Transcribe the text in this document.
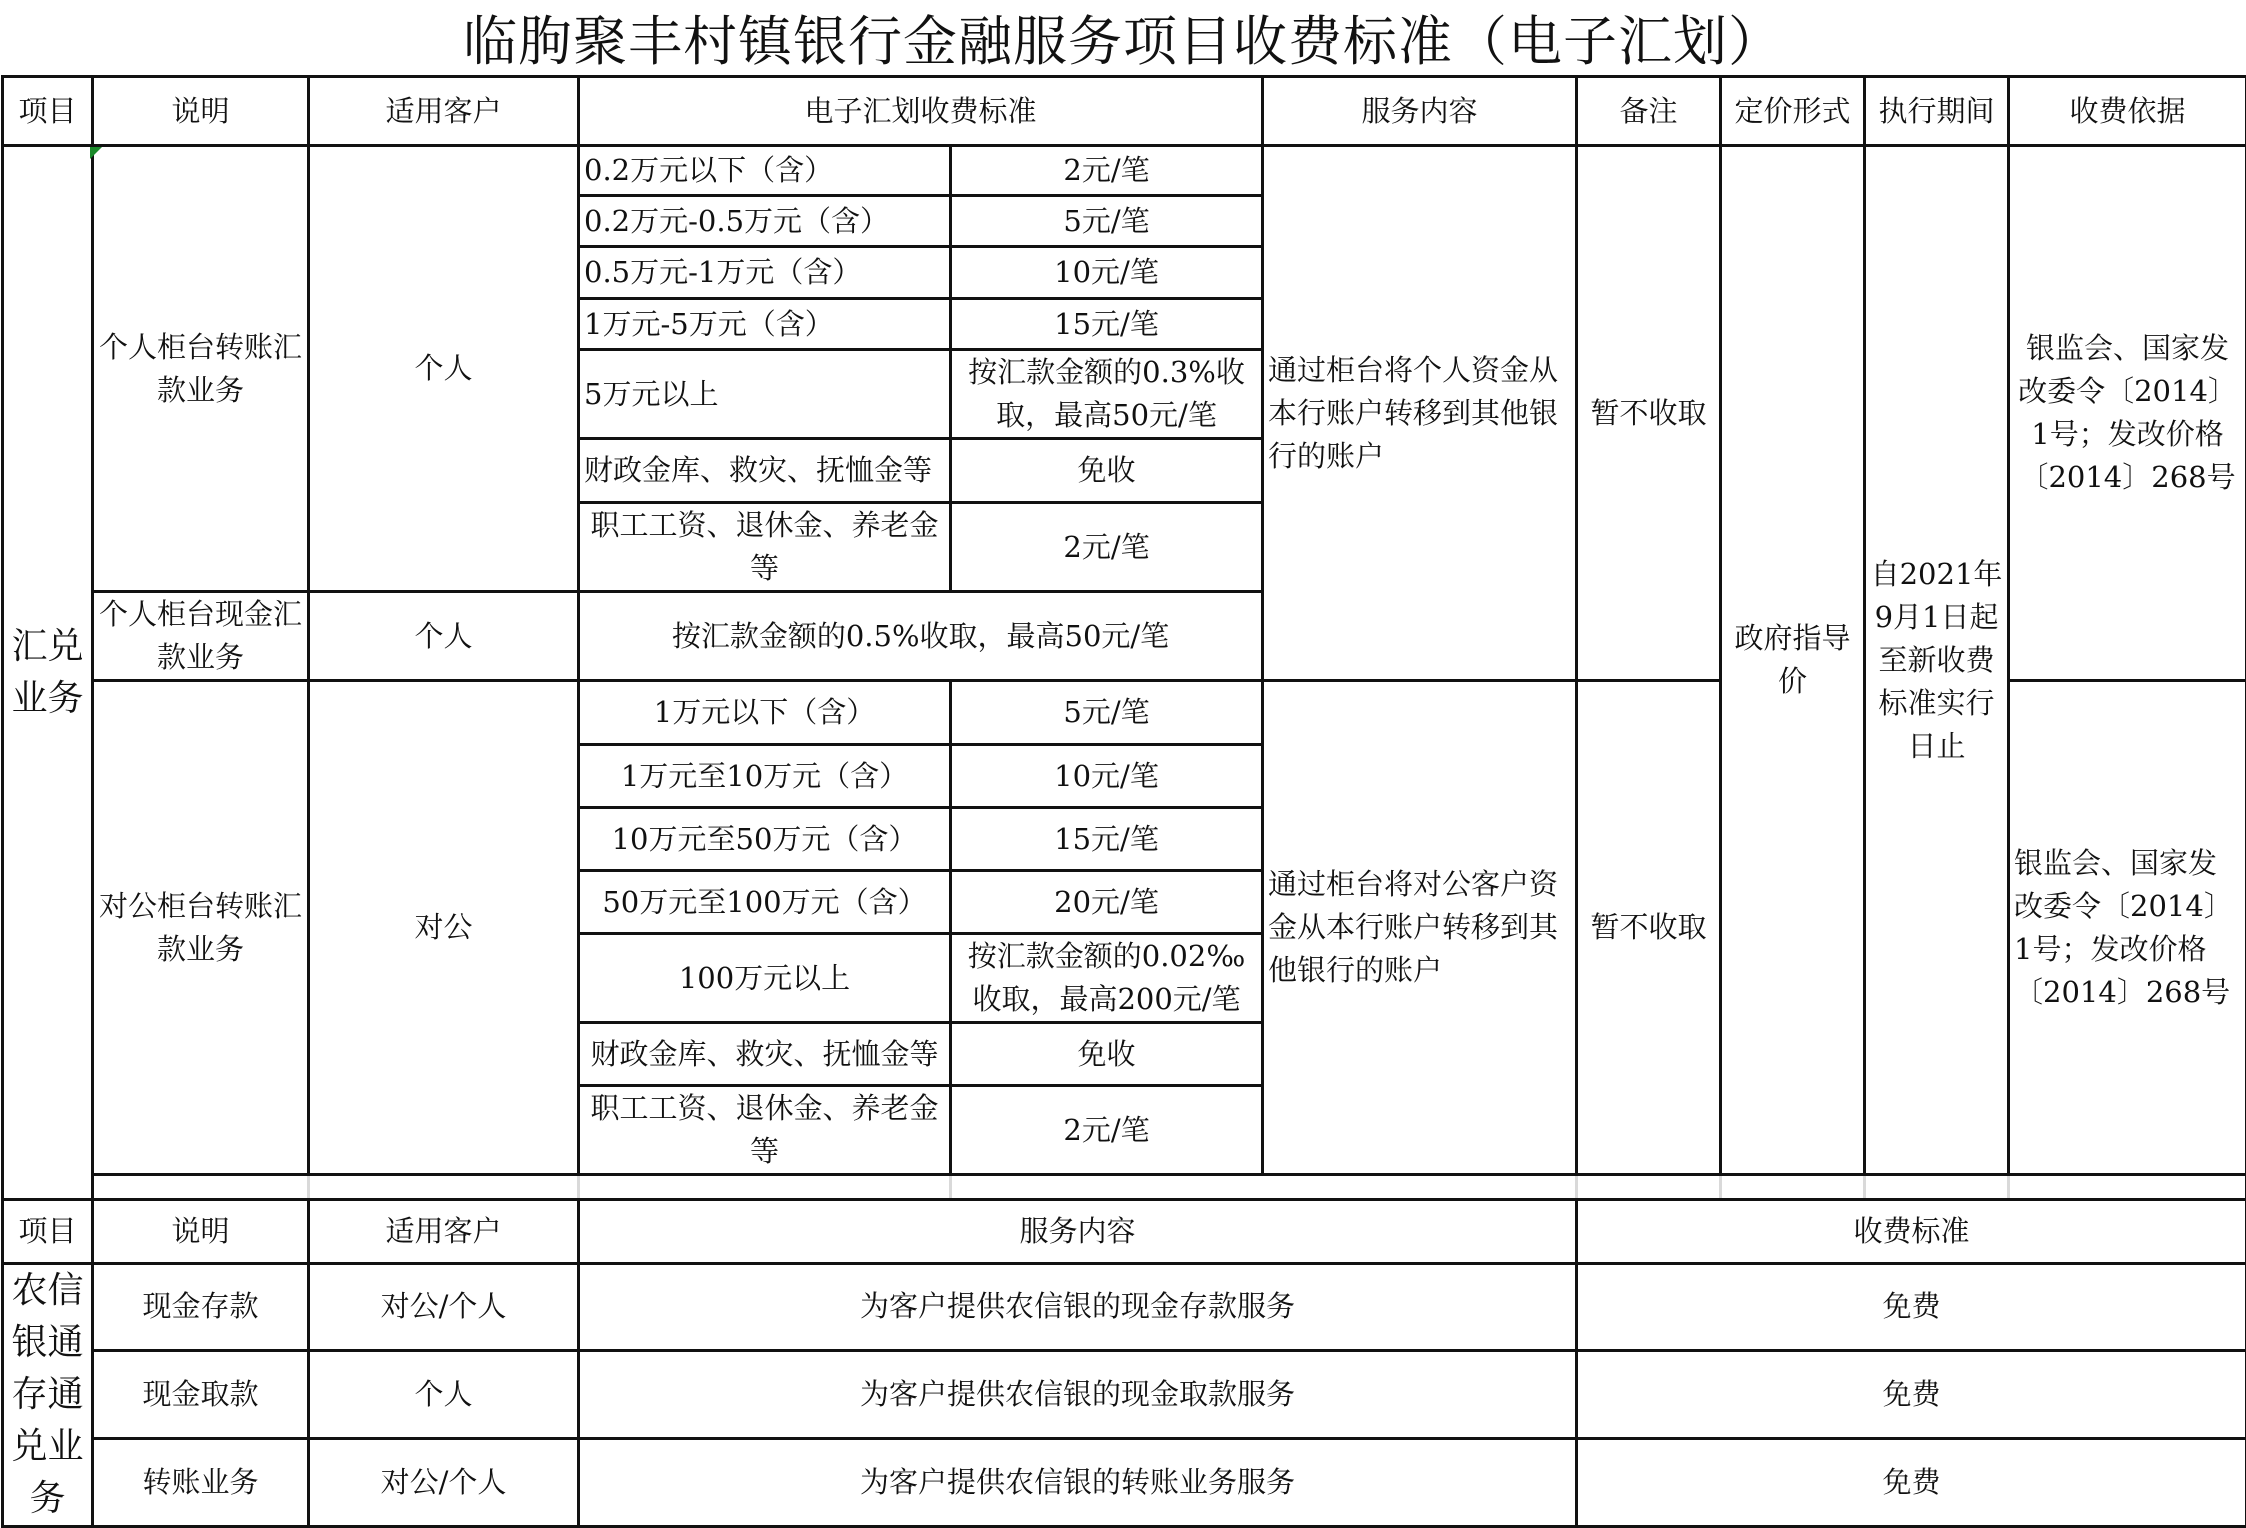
临朐聚丰村镇银行金融服务项目收费标准（电子汇划）
项目	说明	适用客户	电子汇划收费标准		服务内容	备注	定价形式	执行期间	收费依据	
汇兑业务	个人柜台转账汇款业务	个人	0.2万元以下（含）	2元/笔	通过柜台将个人资金从本行账户转移到其他银行的账户	暂不收取	政府指导价	自2021年9月1日起至新收费标准实行日止	银监会、国家发改委令〔2014〕1号；发改价格〔2014〕268号	
			0.2万元-0.5万元（含）	5元/笔						
			0.5万元-1万元（含）	10元/笔						
			1万元-5万元（含）	15元/笔						
			5万元以上	按汇款金额的0.3%收取，最高50元/笔						
			财政金库、救灾、抚恤金等	免收						
			职工工资、退休金、养老金等	2元/笔						
	个人柜台现金汇款业务	个人	按汇款金额的0.5%收取，最高50元/笔							
	对公柜台转账汇款业务	对公	1万元以下（含）	5元/笔	通过柜台将对公客户资金从本行账户转移到其他银行的账户	暂不收取			银监会、国家发改委令〔2014〕1号；发改价格〔2014〕268号	
			1万元至10万元（含）	10元/笔						
			10万元至50万元（含）	15元/笔						
			50万元至100万元（含）	20元/笔						
			100万元以上	按汇款金额的0.02‰收取，最高200元/笔						
			财政金库、救灾、抚恤金等	免收						
			职工工资、退休金、养老金等	2元/笔						

项目	说明	适用客户	服务内容			收费标准				
农信银通存通兑业务	现金存款	对公/个人	为客户提供农信银的现金存款服务			免费				
	现金取款	个人	为客户提供农信银的现金取款服务			免费				
	转账业务	对公/个人	为客户提供农信银的转账业务服务			免费				
